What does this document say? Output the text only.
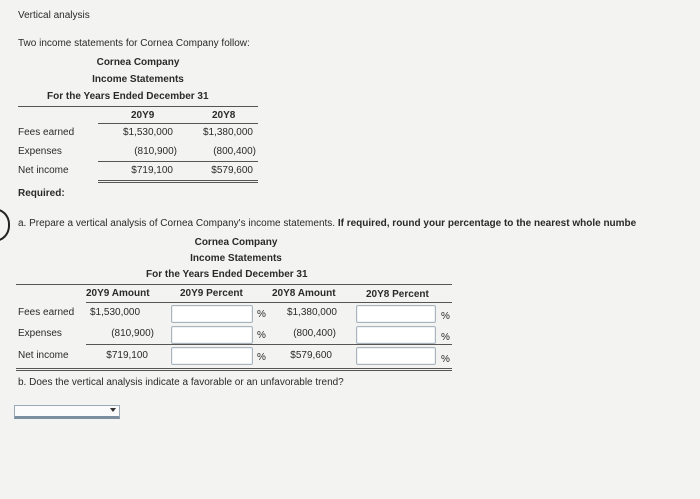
Vertical analysis
Two income statements for Cornea Company follow:
Cornea Company
Income Statements
For the Years Ended December 31
20Y9	20Y8
Fees earned	$1,530,000	$1,380,000
Expenses	(810,900)	(800,400)
Net income	$719,100	$579,600
Required:
a. Prepare a vertical analysis of Cornea Company's income statements. If required, round your percentage to the nearest whole numbe
Cornea Company
Income Statements
For the Years Ended December 31
20Y9 Amount	20Y9 Percent	20Y8 Amount	20Y8 Percent
Fees earned $1,530,000	%	$1,380,000	%
Expenses	(810,900)	%	(800,400)	%
Net income	$719,100	%	$579,600	%
b. Does the vertical analysis indicate a favorable or an unfavorable trend?
